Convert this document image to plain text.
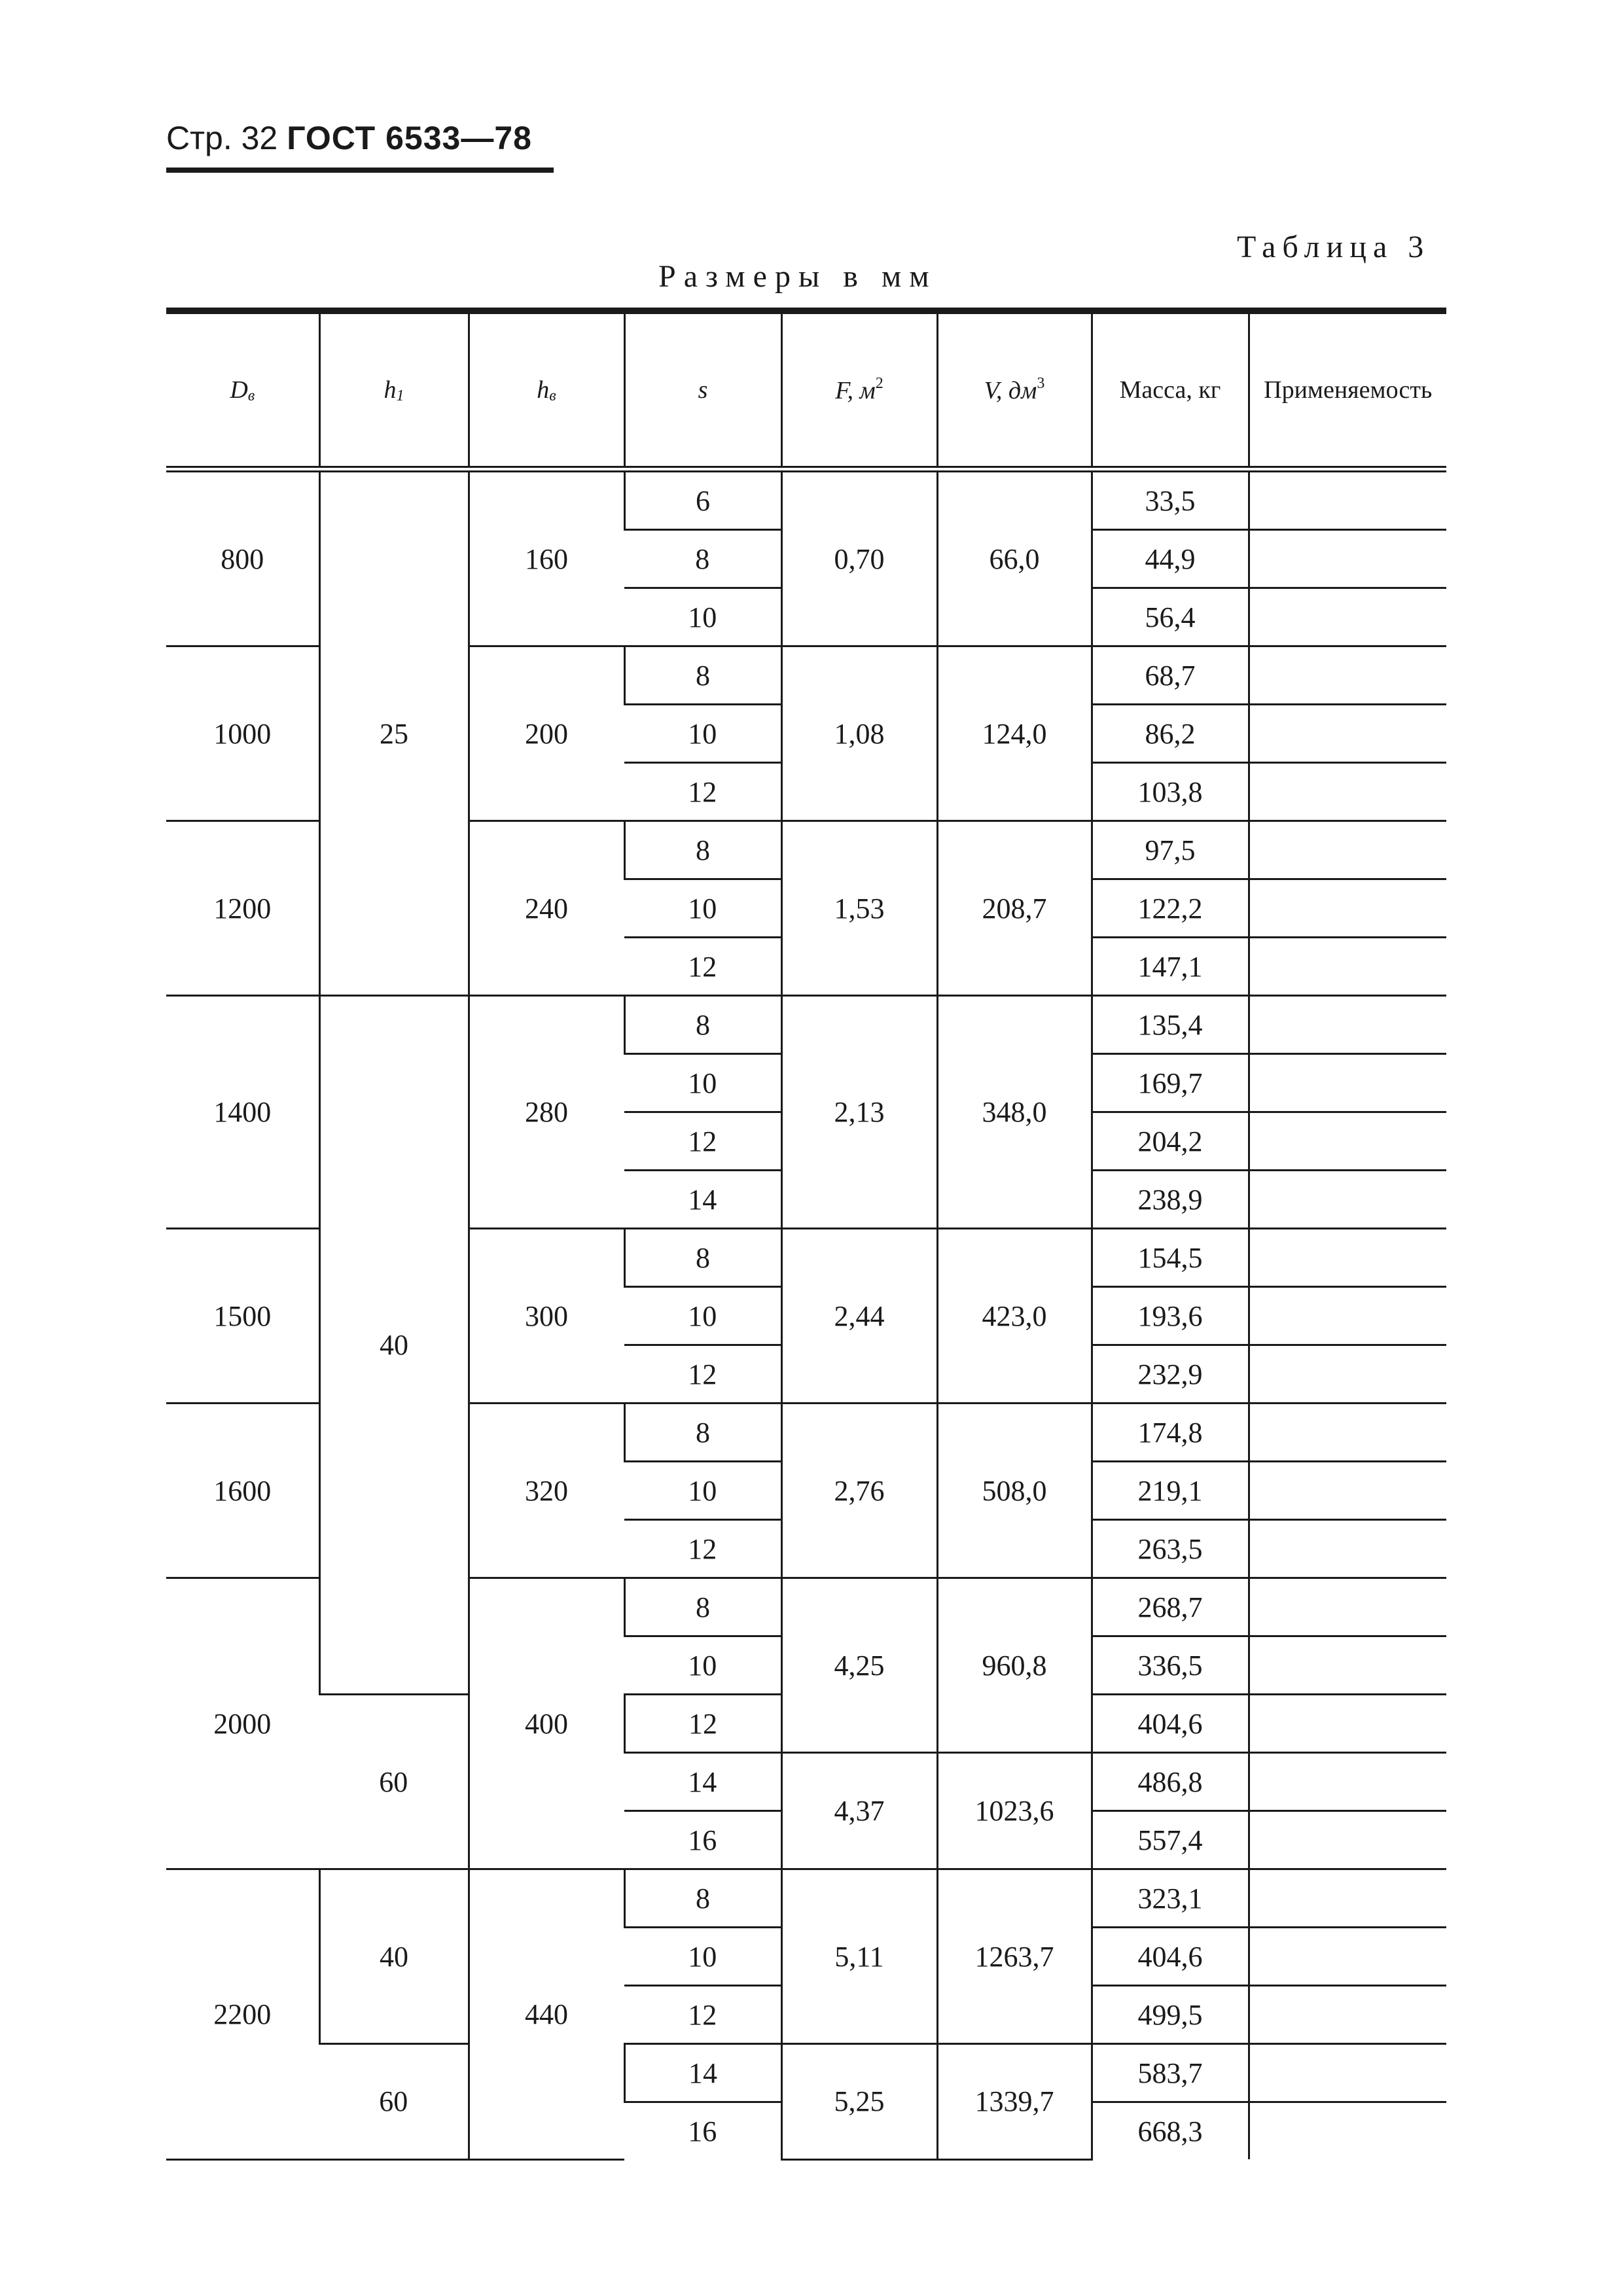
Стр. 32 ГОСТ 6533—78
Таблица 3
Размеры в мм
Dв	h1	hв	s	F, $м^2$	V, $дм^3$	Масса, кг	Применяемость
800	25	160	6	0,70	66,0	33,5	
			8			44,9	
			10			56,4	
1000		200	8	1,08	124,0	68,7	
			10			86,2	
			12			103,8	
1200		240	8	1,53	208,7	97,5	
			10			122,2	
			12			147,1	
1400	40	280	8	2,13	348,0	135,4	
			10			169,7	
			12			204,2	
			14			238,9	
1500		300	8	2,44	423,0	154,5	
			10			193,6	
			12			232,9	
1600		320	8	2,76	508,0	174,8	
			10			219,1	
			12			263,5	
2000		400	8	4,25	960,8	268,7	
			10			336,5	
	60		12			404,6	
			14	4,37	1023,6	486,8	
			16			557,4	
2200	40	440	8	5,11	1263,7	323,1	
			10			404,6	
			12			499,5	
	60		14	5,25	1339,7	583,7	
			16			668,3	
